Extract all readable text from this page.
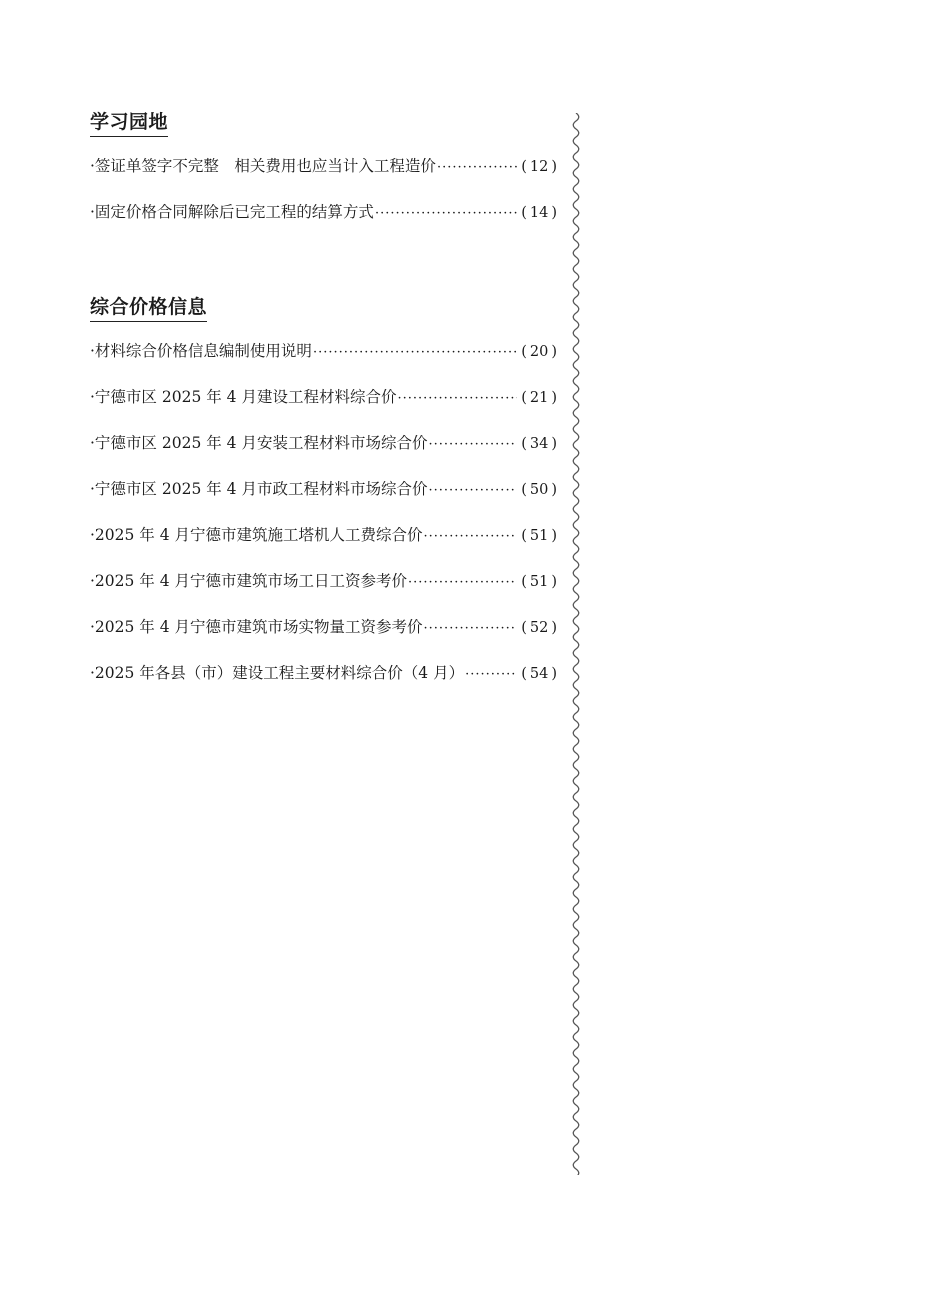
学习园地
·签证单签字不完整　相关费用也应当计入工程造价 ·····	( 12 )
·固定价格合同解除后已完工程的结算方式 ·····	( 14 )
综合价格信息
·材料综合价格信息编制使用说明 ·····	( 20 )
·宁德市区 2025 年 4 月建设工程材料综合价 ·····	( 21 )
·宁德市区 2025 年 4 月安装工程材料市场综合价 ·····	( 34 )
·宁德市区 2025 年 4 月市政工程材料市场综合价 ·····	( 50 )
·2025 年 4 月宁德市建筑施工塔机人工费综合价 ·····	( 51 )
·2025 年 4 月宁德市建筑市场工日工资参考价 ·····	( 51 )
·2025 年 4 月宁德市建筑市场实物量工资参考价 ·····	( 52 )
·2025 年各县（市）建设工程主要材料综合价（4 月） ·····	( 54 )
